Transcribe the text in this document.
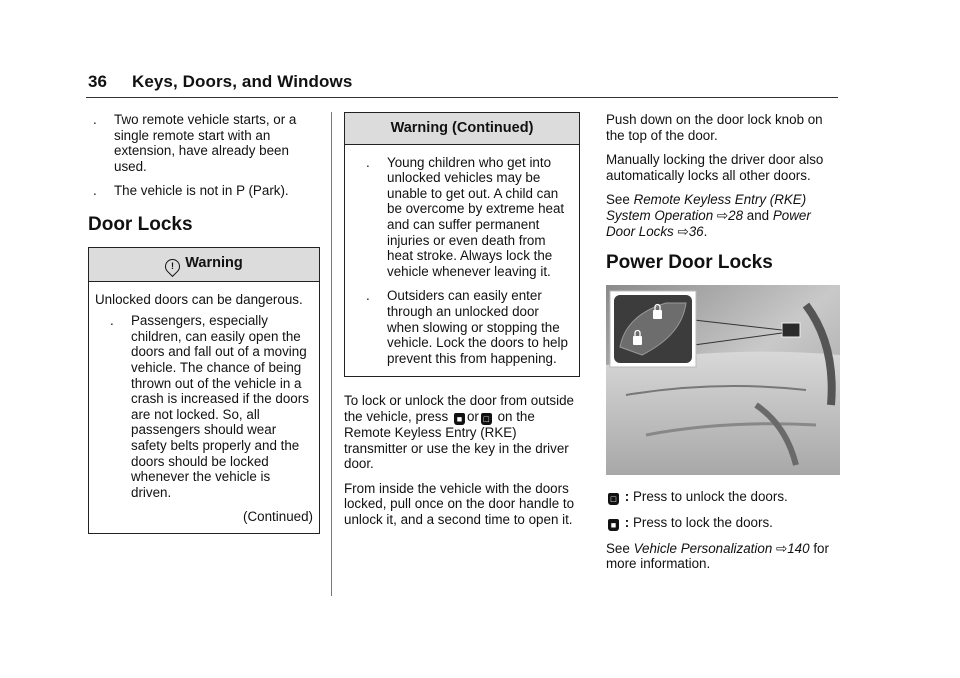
36 Keys, Doors, and Windows
. Two remote vehicle starts, or a single remote start with an extension, have already been used.
. The vehicle is not in P (Park).
Door Locks
! Warning

Unlocked doors can be dangerous.

. Passengers, especially children, can easily open the doors and fall out of a moving vehicle. The chance of being thrown out of the vehicle in a crash is increased if the doors are not locked. So, all passengers should wear safety belts properly and the doors should be locked whenever the vehicle is driven.
(Continued)
Warning (Continued)
. Young children who get into unlocked vehicles may be unable to get out. A child can be overcome by extreme heat and can suffer permanent injuries or even death from heat stroke. Always lock the vehicle whenever leaving it.
. Outsiders can easily enter through an unlocked door when slowing or stopping the vehicle. Lock the doors to help prevent this from happening.

To lock or unlock the door from outside the vehicle, press ■ or □ on the Remote Keyless Entry (RKE) transmitter or use the key in the driver door.

From inside the vehicle with the doors locked, pull once on the door handle to unlock it, and a second time to open it.

Push down on the door lock knob on the top of the door.

Manually locking the driver door also automatically locks all other doors.

See Remote Keyless Entry (RKE) System Operation ⇨28 and Power Door Locks ⇨36.

Power Door Locks

□ : Press to unlock the doors.

■ : Press to lock the doors.

See Vehicle Personalization ⇨140 for more information.
